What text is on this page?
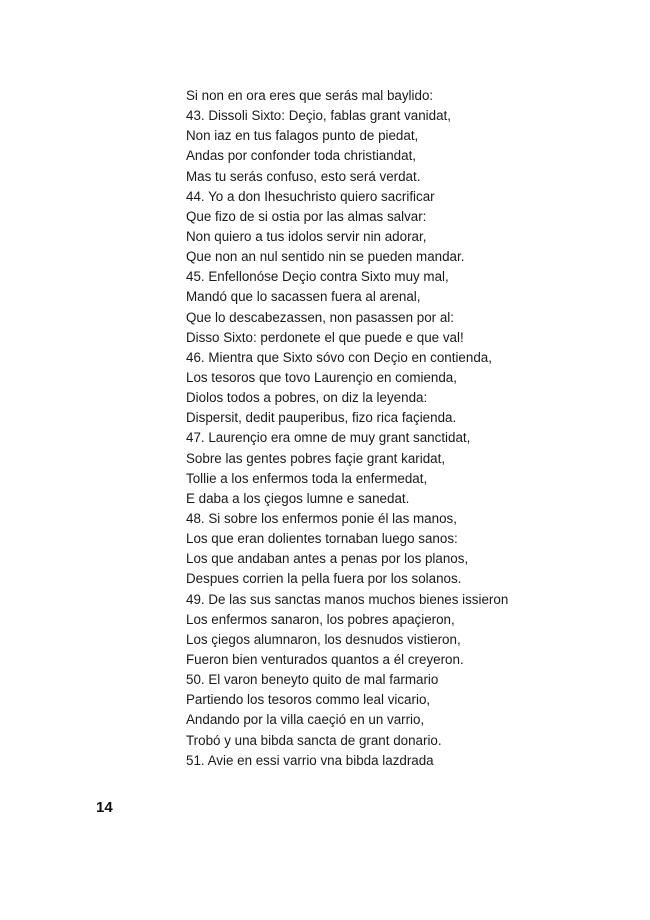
Si non en ora eres que serás mal baylido:
43. Dissoli Sixto: Deçio, fablas grant vanidat,
Non iaz en tus falagos punto de piedat,
Andas por confonder toda christiandat,
Mas tu serás confuso, esto será verdat.
44. Yo a don Ihesuchristo quiero sacrificar
Que fizo de si ostia por las almas salvar:
Non quiero a tus idolos servir nin adorar,
Que non an nul sentido nin se pueden mandar.
45. Enfellonóse Deçio contra Sixto muy mal,
Mandó que lo sacassen fuera al arenal,
Que lo descabezassen, non pasassen por al:
Disso Sixto: perdonete el que puede e que val!
46. Mientra que Sixto sóvo con Deçio en contienda,
Los tesoros que tovo Laurençio en comienda,
Diolos todos a pobres, on diz la leyenda:
Dispersit, dedit pauperibus, fizo rica façienda.
47. Laurençio era omne de muy grant sanctidat,
Sobre las gentes pobres façie grant karidat,
Tollie a los enfermos toda la enfermedat,
E daba a los çiegos lumne e sanedat.
48. Si sobre los enfermos ponie él las manos,
Los que eran dolientes tornaban luego sanos:
Los que andaban antes a penas por los planos,
Despues corrien la pella fuera por los solanos.
49. De las sus sanctas manos muchos bienes issieron
Los enfermos sanaron, los pobres apaçieron,
Los çiegos alumnaron, los desnudos vistieron,
Fueron bien venturados quantos a él creyeron.
50. El varon beneyto quito de mal farmario
Partiendo los tesoros commo leal vicario,
Andando por la villa caeçió en un varrio,
Trobó y una bibda sancta de grant donario.
51. Avie en essi varrio vna bibda lazdrada
14
